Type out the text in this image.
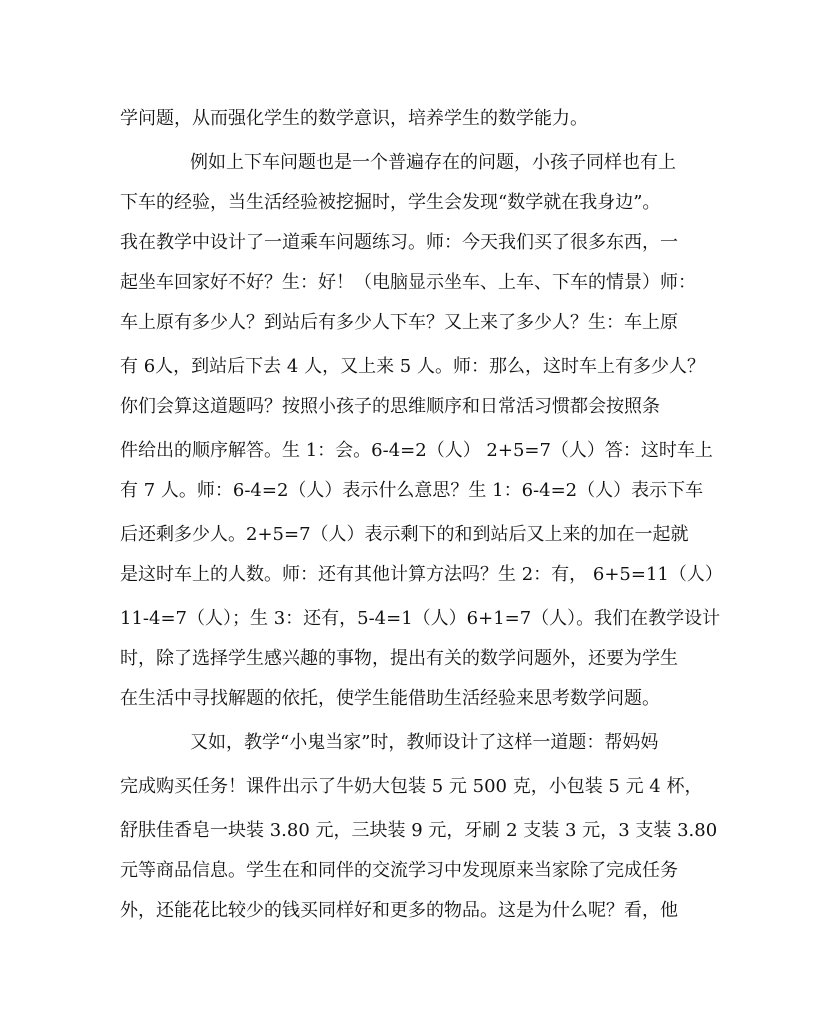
学问题，从而强化学生的数学意识，培养学生的数学能力。
例如上下车问题也是一个普遍存在的问题，小孩子同样也有上
下车的经验，当生活经验被挖掘时，学生会发现“数学就在我身边”。
我在教学中设计了一道乘车问题练习。师：今天我们买了很多东西，一
起坐车回家好不好？生：好！（电脑显示坐车、上车、下车的情景）师：
车上原有多少人？到站后有多少人下车？又上来了多少人？生：车上原
有 6人，到站后下去 4 人，又上来 5 人。师：那么，这时车上有多少人？
你们会算这道题吗？按照小孩子的思维顺序和日常活习惯都会按照条
件给出的顺序解答。生 1：会。6-4=2（人） 2+5=7（人）答：这时车上
有 7 人。师：6-4=2（人）表示什么意思？生 1：6-4=2（人）表示下车
后还剩多少人。2+5=7（人）表示剩下的和到站后又上来的加在一起就
是这时车上的人数。师：还有其他计算方法吗？生 2：有， 6+5=11（人）
11-4=7（人）；生 3：还有，5-4=1（人）6+1=7（人）。我们在教学设计
时，除了选择学生感兴趣的事物，提出有关的数学问题外，还要为学生
在生活中寻找解题的依托，使学生能借助生活经验来思考数学问题。
又如，教学“小鬼当家”时，教师设计了这样一道题：帮妈妈
完成购买任务！课件出示了牛奶大包装 5 元 500 克，小包装 5 元 4 杯，
舒肤佳香皂一块装 3.80 元，三块装 9 元，牙刷 2 支装 3 元，3 支装 3.80
元等商品信息。学生在和同伴的交流学习中发现原来当家除了完成任务
外，还能花比较少的钱买同样好和更多的物品。这是为什么呢？看，他
